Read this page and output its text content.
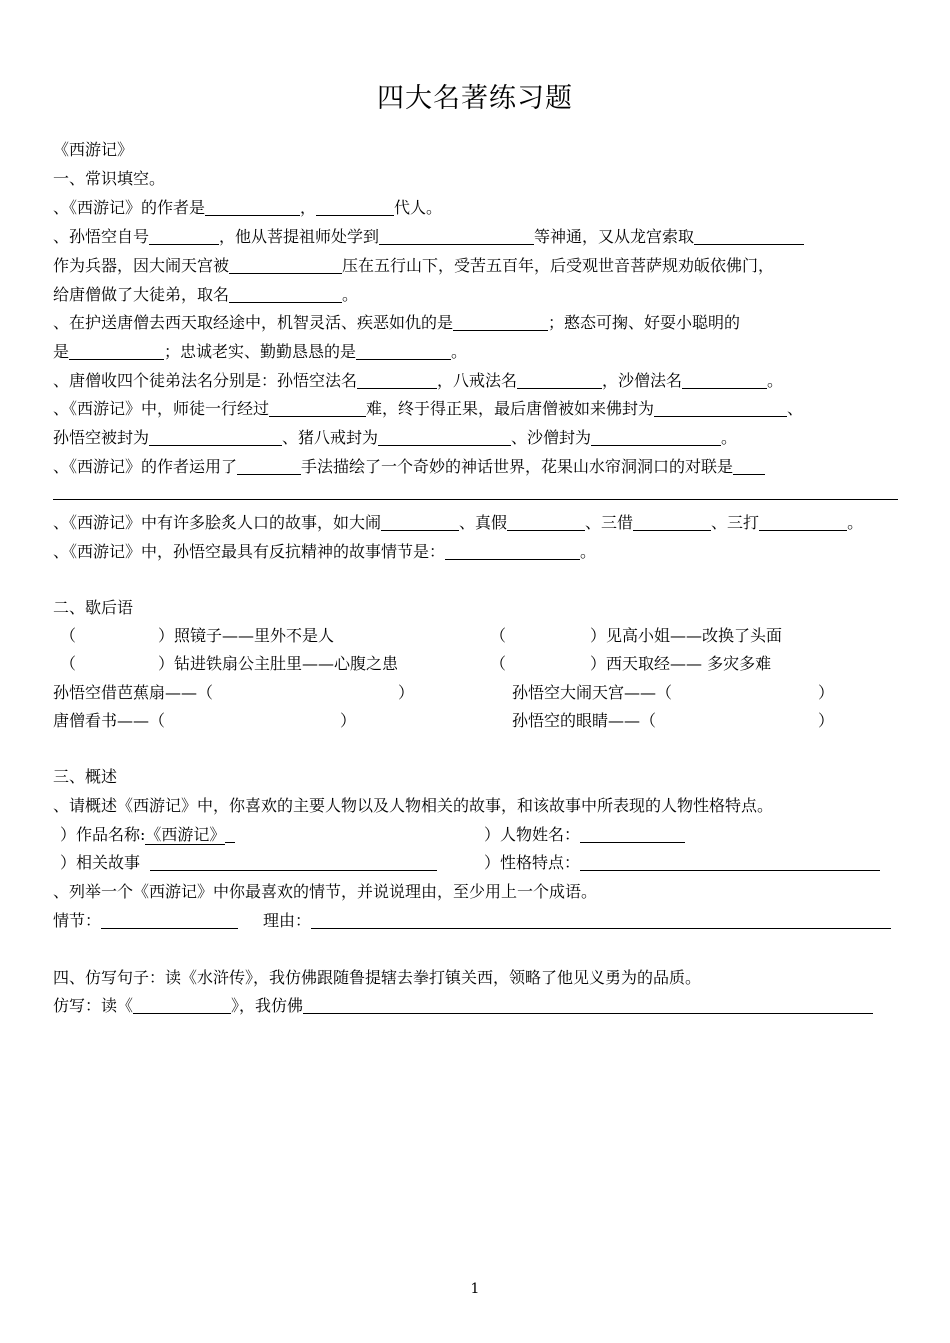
四大名著练习题
《西游记》
一、常识填空。
、《西游记》的作者是	，	代人。
、孙悟空自号	，他从菩提祖师处学到	等神通，又从龙宫索取
作为兵器，因大闹天宫被	压在五行山下，受苦五百年，后受观世音菩萨规劝皈依佛门，
给唐僧做了大徒弟，取名	。
、在护送唐僧去西天取经途中，机智灵活、疾恶如仇的是	；憨态可掬、好耍小聪明的
是	；忠诚老实、勤勤恳恳的是	。
、唐僧收四个徒弟法名分别是：孙悟空法名	，八戒法名	，沙僧法名	。
、《西游记》中，师徒一行经过	难，终于得正果，最后唐僧被如来佛封为	、
孙悟空被封为	、猪八戒封为	、沙僧封为	。
、《西游记》的作者运用了	手法描绘了一个奇妙的神话世界，花果山水帘洞洞口的对联是
、《西游记》中有许多脍炙人口的故事，如大闹	、真假	、三借	、三打	。
、《西游记》中，孙悟空最具有反抗精神的故事情节是：	。
二、歇后语
（	）照镜子——里外不是人	（	）见高小姐——改换了头面
（	）钻进铁扇公主肚里——心腹之患	（	）西天取经—— 多灾多难
孙悟空借芭蕉扇——（	）	孙悟空大闹天宫——（	）
唐僧看书——（	）	孙悟空的眼睛——（	）
三、概述
、请概述《西游记》中，你喜欢的主要人物以及人物相关的故事，和该故事中所表现的人物性格特点。
）作品名称:《西游记》	）人物姓名：
）相关故事	）性格特点：
、列举一个《西游记》中你最喜欢的情节，并说说理由，至少用上一个成语。
情节：	理由：
四、仿写句子：读《水浒传》，我仿佛跟随鲁提辖去拳打镇关西，领略了他见义勇为的品质。
仿写：读《	》，我仿佛
1
